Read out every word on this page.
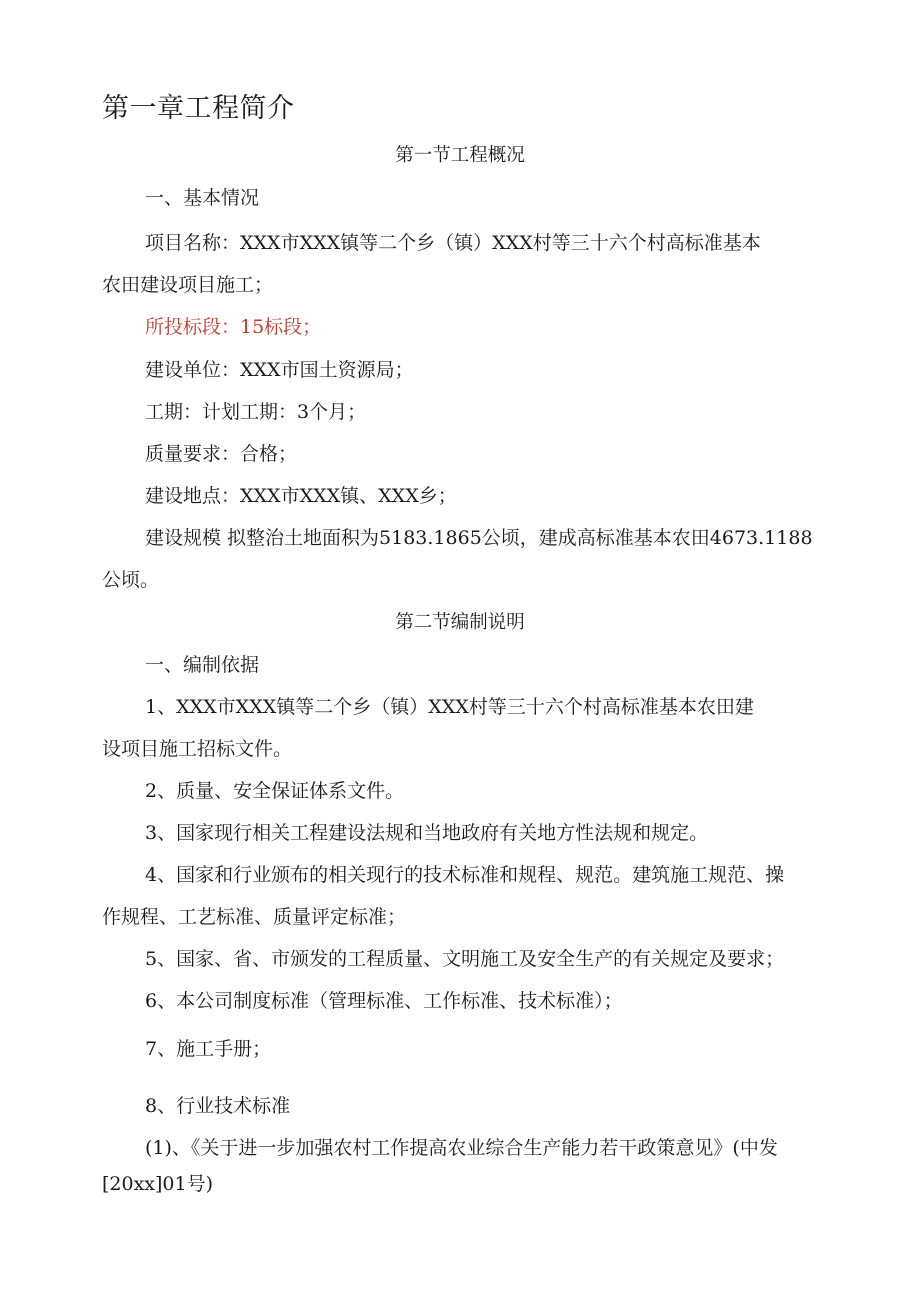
第一章工程简介
第一节工程概况

一、基本情况

项目名称：XXX市XXX镇等二个乡（镇）XXX村等三十六个村高标准基本

农田建设项目施工；

所投标段：15标段；

建设单位：XXX市国土资源局；

工期：计划工期：3个月；

质量要求：合格；

建设地点：XXX市XXX镇、XXX乡；

建设规模 拟整治土地面积为5183.1865公顷，建成高标准基本农田4673.1188

公顷。

第二节编制说明

一、编制依据

1、XXX市XXX镇等二个乡（镇）XXX村等三十六个村高标准基本农田建

设项目施工招标文件。

2、质量、安全保证体系文件。

3、国家现行相关工程建设法规和当地政府有关地方性法规和规定。

4、国家和行业颁布的相关现行的技术标准和规程、规范。建筑施工规范、操

作规程、工艺标准、质量评定标准；

5、国家、省、市颁发的工程质量、文明施工及安全生产的有关规定及要求；

6、本公司制度标准（管理标准、工作标准、技术标准）；

7、施工手册；

8、行业技术标准

(1)、《关于进一步加强农村工作提高农业综合生产能力若干政策意见》(中发

[20xx]01号)
